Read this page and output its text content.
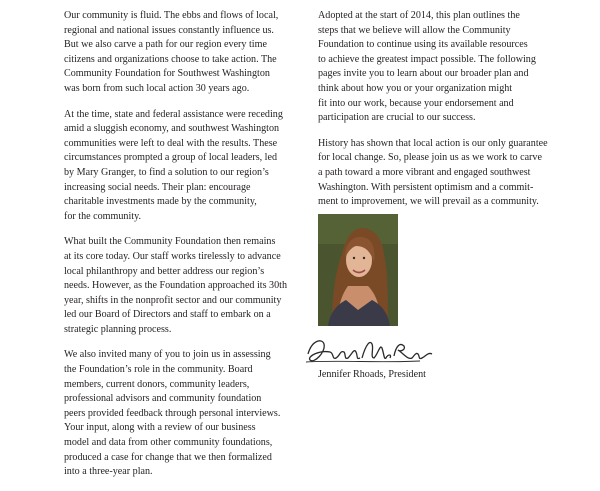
Our community is fluid. The ebbs and flows of local,
regional and national issues constantly influence us.
But we also carve a path for our region every time
citizens and organizations choose to take action. The
Community Foundation for Southwest Washington
was born from such local action 30 years ago.

At the time, state and federal assistance were receding
amid a sluggish economy, and southwest Washington
communities were left to deal with the results. These
circumstances prompted a group of local leaders, led
by Mary Granger, to find a solution to our region’s
increasing social needs. Their plan: encourage
charitable investments made by the community,
for the community.

What built the Community Foundation then remains
at its core today. Our staff works tirelessly to advance
local philanthropy and better address our region’s
needs. However, as the Foundation approached its 30th
year, shifts in the nonprofit sector and our community
led our Board of Directors and staff to embark on a
strategic planning process.

We also invited many of you to join us in assessing
the Foundation’s role in the community. Board
members, current donors, community leaders,
professional advisors and community foundation
peers provided feedback through personal interviews.
Your input, along with a review of our business
model and data from other community foundations,
produced a case for change that we then formalized
into a three-year plan.

Adopted at the start of 2014, this plan outlines the
steps that we believe will allow the Community
Foundation to continue using its available resources
to achieve the greatest impact possible. The following
pages invite you to learn about our broader plan and
think about how you or your organization might
fit into our work, because your endorsement and
participation are crucial to our success.

History has shown that local action is our only guarantee
for local change. So, please join us as we work to carve
a path toward a more vibrant and engaged southwest
Washington. With persistent optimism and a commit-
ment to improvement, we will prevail as a community.

Jennifer Rhoads, President
